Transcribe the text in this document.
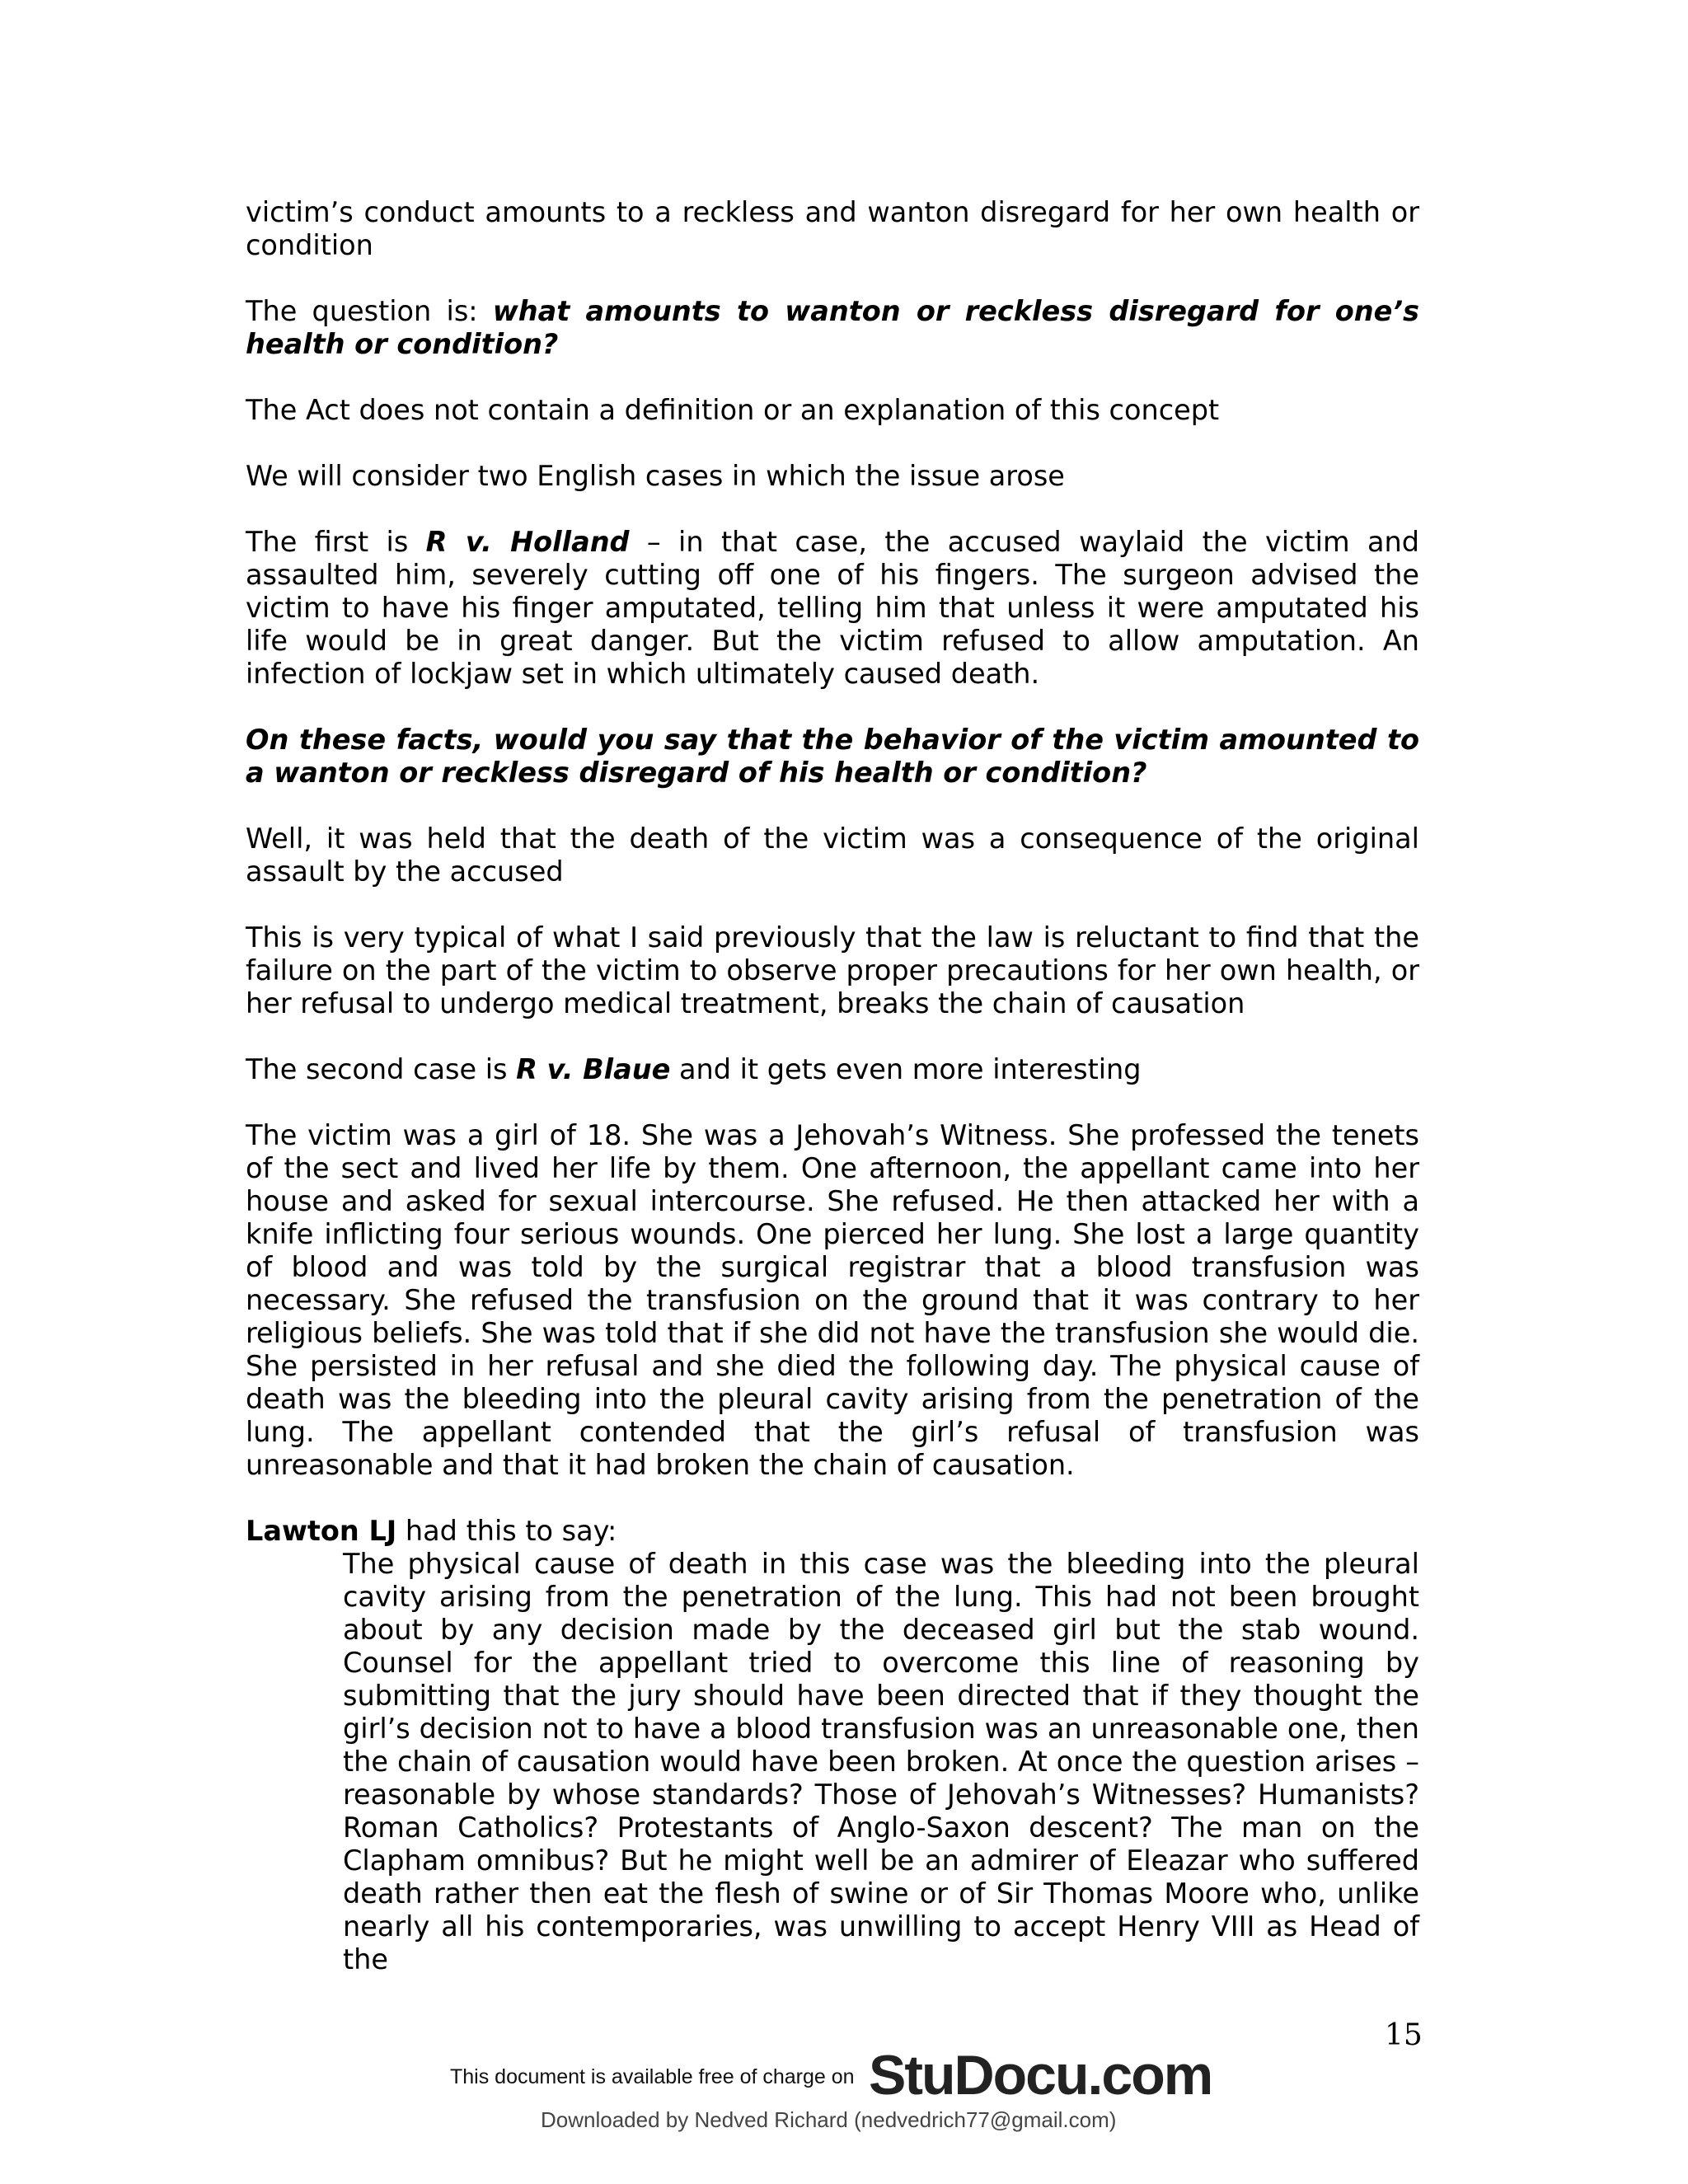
victim’s conduct amounts to a reckless and wanton disregard for her own health or condition
The question is: what amounts to wanton or reckless disregard for one’s health or condition?
The Act does not contain a definition or an explanation of this concept
We will consider two English cases in which the issue arose
The first is R v. Holland – in that case, the accused waylaid the victim and assaulted him, severely cutting off one of his fingers. The surgeon advised the victim to have his finger amputated, telling him that unless it were amputated his life would be in great danger. But the victim refused to allow amputation. An infection of lockjaw set in which ultimately caused death.
On these facts, would you say that the behavior of the victim amounted to a wanton or reckless disregard of his health or condition?
Well, it was held that the death of the victim was a consequence of the original assault by the accused
This is very typical of what I said previously that the law is reluctant to find that the failure on the part of the victim to observe proper precautions for her own health, or her refusal to undergo medical treatment, breaks the chain of causation
The second case is R v. Blaue and it gets even more interesting
The victim was a girl of 18. She was a Jehovah’s Witness. She professed the tenets of the sect and lived her life by them. One afternoon, the appellant came into her house and asked for sexual intercourse. She refused. He then attacked her with a knife inflicting four serious wounds. One pierced her lung. She lost a large quantity of blood and was told by the surgical registrar that a blood transfusion was necessary. She refused the transfusion on the ground that it was contrary to her religious beliefs. She was told that if she did not have the transfusion she would die. She persisted in her refusal and she died the following day. The physical cause of death was the bleeding into the pleural cavity arising from the penetration of the lung. The appellant contended that the girl’s refusal of transfusion was unreasonable and that it had broken the chain of causation.
Lawton LJ had this to say:
The physical cause of death in this case was the bleeding into the pleural cavity arising from the penetration of the lung. This had not been brought about by any decision made by the deceased girl but the stab wound. Counsel for the appellant tried to overcome this line of reasoning by submitting that the jury should have been directed that if they thought the girl’s decision not to have a blood transfusion was an unreasonable one, then the chain of causation would have been broken. At once the question arises – reasonable by whose standards? Those of Jehovah’s Witnesses? Humanists? Roman Catholics? Protestants of Anglo-Saxon descent? The man on the Clapham omnibus? But he might well be an admirer of Eleazar who suffered death rather then eat the flesh of swine or of Sir Thomas Moore who, unlike nearly all his contemporaries, was unwilling to accept Henry VIII as Head of the
15
This document is available free of charge on StuDocu.com
Downloaded by Nedved Richard (nedvedrich77@gmail.com)
